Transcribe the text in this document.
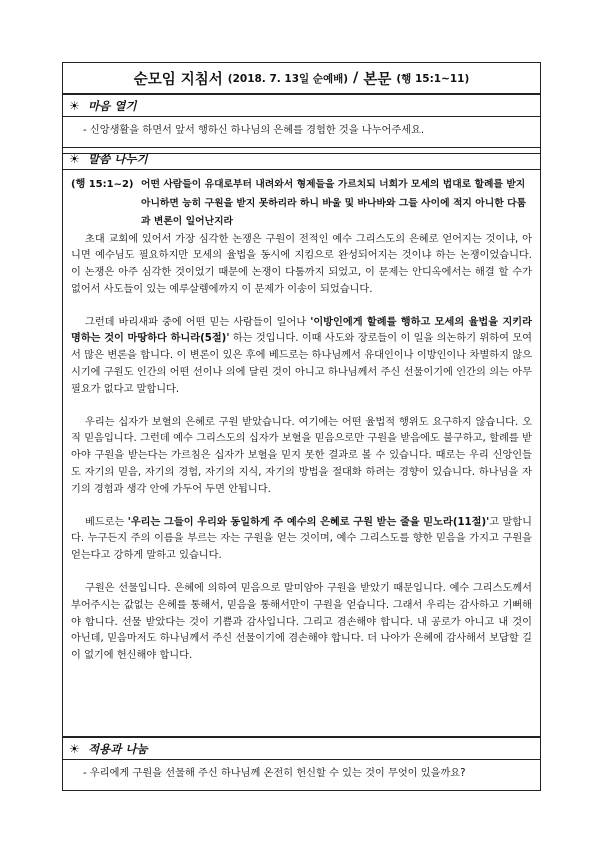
순모임 지침서 (2018. 7. 13일 순예배) / 본문 (행 15:1~11)
☀ 마음 열기
- 신앙생활을 하면서 앞서 행하신 하나님의 은혜를 경험한 것을 나누어주세요.
☀ 말씀 나누기
(행 15:1~2) 어떤 사람들이 유대로부터 내려와서 형제들을 가르치되 너희가 모세의 법대로 할례를 받지 아니하면 능히 구원을 받지 못하리라 하니 바울 및 바나바와 그들 사이에 적지 아니한 다툼과 변론이 일어난지라

초대 교회에 있어서 가장 심각한 논쟁은 구원이 전적인 예수 그리스도의 은혜로 얻어지는 것이냐, 아니면 예수님도 필요하지만 모세의 율법을 동시에 지킴으로 완성되어지는 것이냐 하는 논쟁이었습니다. 이 논쟁은 아주 심각한 것이었기 때문에 논쟁이 다툼까지 되었고, 이 문제는 안디옥에서는 해결 할 수가 없어서 사도들이 있는 예루살렘에까지 이 문제가 이송이 되었습니다.

그런데 바리새파 중에 어떤 믿는 사람들이 일어나 '이방인에게 할례를 행하고 모세의 율법을 지키라 명하는 것이 마땅하다 하니라(5절)' 하는 것입니다. 이때 사도와 장로들이 이 일을 의논하기 위하여 모여서 많은 변론을 합니다. 이 변론이 있은 후에 베드로는 하나님께서 유대인이나 이방인이나 차별하지 않으시기에 구원도 인간의 어떤 선이나 의에 달린 것이 아니고 하나님께서 주신 선물이기에 인간의 의는 아무 필요가 없다고 말합니다.

우리는 십자가 보혈의 은혜로 구원 받았습니다. 여기에는 어떤 율법적 행위도 요구하지 않습니다. 오직 믿음입니다. 그런데 예수 그리스도의 십자가 보혈을 믿음으로만 구원을 받음에도 불구하고, 할례를 받아야 구원을 받는다는 가르침은 십자가 보혈을 믿지 못한 결과로 볼 수 있습니다. 때로는 우리 신앙인들도 자기의 믿음, 자기의 경험, 자기의 지식, 자기의 방법을 절대화 하려는 경향이 있습니다. 하나님을 자기의 경험과 생각 안에 가두어 두면 안됩니다.

베드로는 '우리는 그들이 우리와 동일하게 주 예수의 은혜로 구원 받는 줄을 믿노라(11절)'고 말합니다. 누구든지 주의 이름을 부르는 자는 구원을 얻는 것이며, 예수 그리스도를 향한 믿음을 가지고 구원을 얻는다고 강하게 말하고 있습니다.

구원은 선물입니다. 은혜에 의하여 믿음으로 말미암아 구원을 받았기 때문입니다. 예수 그리스도께서 부어주시는 값없는 은혜를 통해서, 믿음을 통해서만이 구원을 얻습니다. 그래서 우리는 감사하고 기뻐해야 합니다. 선물 받았다는 것이 기쁨과 감사입니다. 그리고 겸손해야 합니다. 내 공로가 아니고 내 것이 아닌데, 믿음마저도 하나님께서 주신 선물이기에 겸손해야 합니다. 더 나아가 은혜에 감사해서 보답할 길이 없기에 헌신해야 합니다.

☀ 적용과 나눔
- 우리에게 구원을 선물해 주신 하나님께 온전히 헌신할 수 있는 것이 무엇이 있을까요?
